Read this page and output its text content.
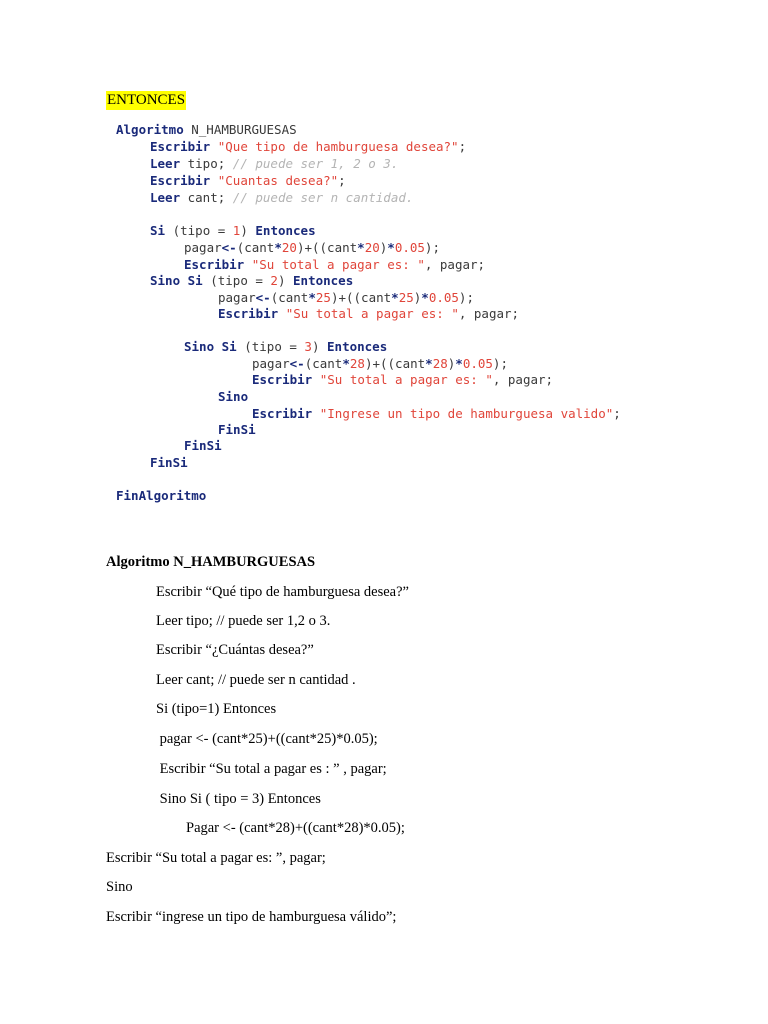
ENTONCES
Algoritmo N_HAMBURGUESAS
Escribir "Que tipo de hamburguesa desea?";
Leer tipo; // puede ser 1, 2 o 3.
Escribir "Cuantas desea?";
Leer cant; // puede ser n cantidad.
Si (tipo = 1) Entonces
pagar<-(cant*20)+((cant*20)*0.05);
Escribir "Su total a pagar es: ", pagar;
Sino Si (tipo = 2) Entonces
pagar<-(cant*25)+((cant*25)*0.05);
Escribir "Su total a pagar es: ", pagar;
Sino Si (tipo = 3) Entonces
pagar<-(cant*28)+((cant*28)*0.05);
Escribir "Su total a pagar es: ", pagar;
Sino
Escribir "Ingrese un tipo de hamburguesa valido";
FinSi
FinSi
FinSi
FinAlgoritmo
Algoritmo N_HAMBURGUESAS
Escribir “Qué tipo de hamburguesa desea?”
Leer tipo; // puede ser 1,2 o 3.
Escribir “¿Cuántas desea?”
Leer cant; // puede ser n cantidad .
Si (tipo=1) Entonces
pagar <- (cant*25)+((cant*25)*0.05);
Escribir “Su total a pagar es : ” , pagar;
Sino Si ( tipo = 3) Entonces
Pagar <- (cant*28)+((cant*28)*0.05);
Escribir “Su total a pagar es: ”, pagar;
Sino
Escribir “ingrese un tipo de hamburguesa válido”;
